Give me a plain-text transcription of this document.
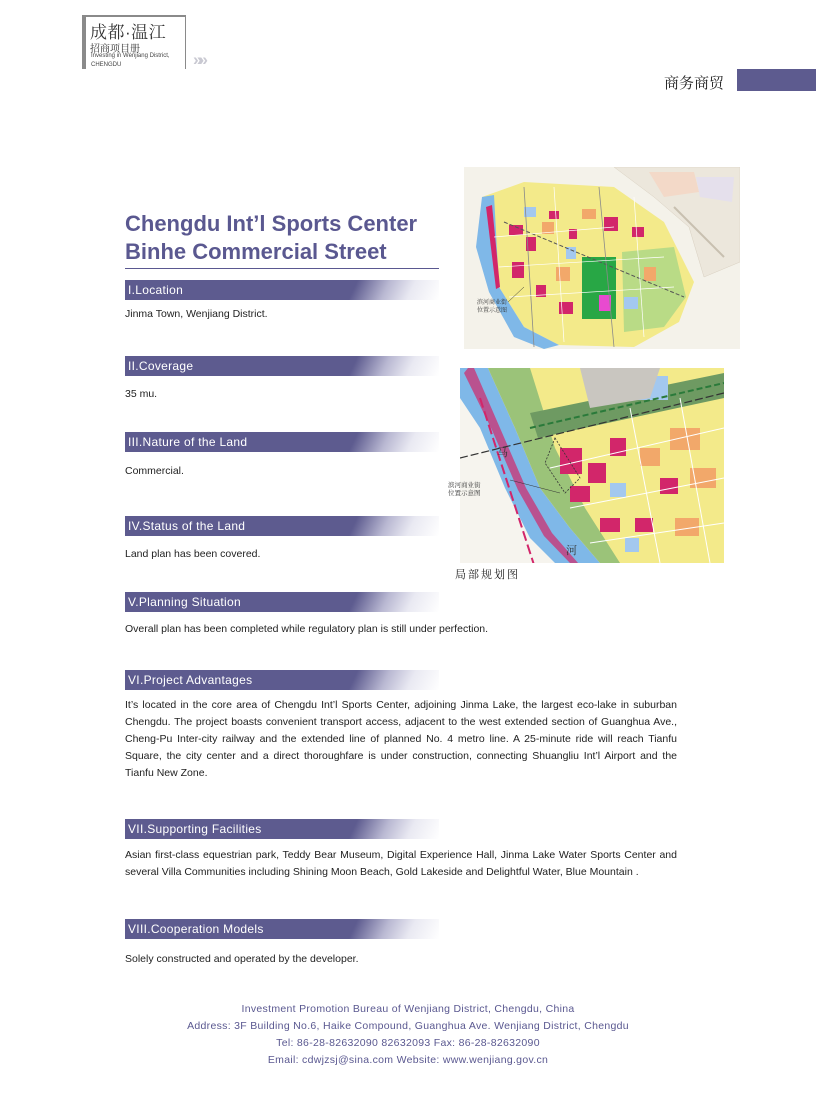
成都·温江
招商项目册
Investing in Wenjiang District,
CHENGDU	»»
商务商贸
Chengdu Int’l Sports Center
Binhe Commercial Street
I.Location
Jinma Town, Wenjiang District.
II.Coverage
35 mu.
III.Nature of the Land
Commercial.
IV.Status of the Land
Land plan has been covered.
V.Planning Situation
Overall plan has been completed while regulatory plan is still under perfection.
VI.Project Advantages
It’s located in the core area of Chengdu Int’l Sports Center, adjoining Jinma Lake, the largest eco-lake in suburban Chengdu. The project boasts convenient transport access, adjacent to the west extended section of Guanghua Ave., Cheng-Pu Inter-city railway and the extended line of planned No. 4 metro line. A 25-minute ride will reach Tianfu Square, the city center and a direct thoroughfare is under construction, connecting Shuangliu Int’l Airport and the Tianfu New Zone.
VII.Supporting Facilities
Asian first-class equestrian park, Teddy Bear Museum, Digital Experience Hall, Jinma Lake Water Sports Center and several Villa Communities including Shining Moon Beach, Gold Lakeside and Delightful Water, Blue Mountain .
VIII.Cooperation Models
Solely constructed and operated by the developer.
滨河商业街
位置示意图
马
河
滨河商业街
位置示意图
局部规划图
Investment Promotion Bureau of Wenjiang District, Chengdu, China
Address: 3F Building No.6, Haike Compound, Guanghua Ave. Wenjiang District, Chengdu
Tel: 86-28-82632090 82632093 Fax: 86-28-82632090
Email: cdwjzsj@sina.com Website: www.wenjiang.gov.cn
